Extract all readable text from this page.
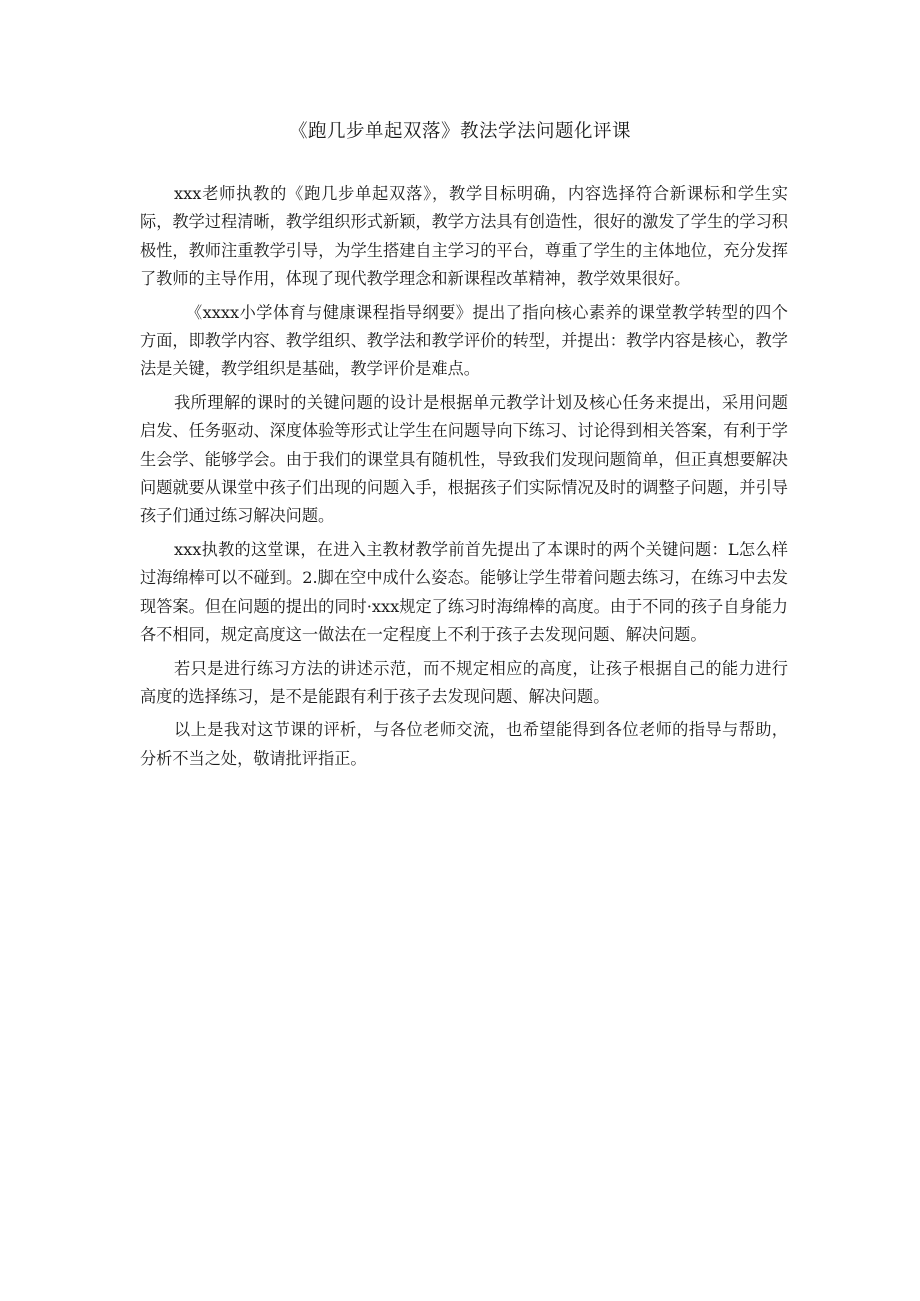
《跑几步单起双落》教法学法问题化评课

xxx老师执教的《跑几步单起双落》，教学目标明确，内容选择符合新课标和学生实际，教学过程清晰，教学组织形式新颖，教学方法具有创造性，很好的激发了学生的学习积极性，教师注重教学引导，为学生搭建自主学习的平台，尊重了学生的主体地位，充分发挥了教师的主导作用，体现了现代教学理念和新课程改革精神，教学效果很好。

《xxxx小学体育与健康课程指导纲要》提出了指向核心素养的课堂教学转型的四个方面，即教学内容、教学组织、教学法和教学评价的转型，并提出：教学内容是核心，教学法是关键，教学组织是基础，教学评价是难点。

我所理解的课时的关键问题的设计是根据单元教学计划及核心任务来提出，采用问题启发、任务驱动、深度体验等形式让学生在问题导向下练习、讨论得到相关答案，有利于学生会学、能够学会。由于我们的课堂具有随机性，导致我们发现问题简单，但正真想要解决问题就要从课堂中孩子们出现的问题入手，根据孩子们实际情况及时的调整子问题，并引导孩子们通过练习解决问题。

xxx执教的这堂课，在进入主教材教学前首先提出了本课时的两个关键问题：L怎么样过海绵棒可以不碰到。2.脚在空中成什么姿态。能够让学生带着问题去练习，在练习中去发现答案。但在问题的提出的同时·xxx规定了练习时海绵棒的高度。由于不同的孩子自身能力各不相同，规定高度这一做法在一定程度上不利于孩子去发现问题、解决问题。

若只是进行练习方法的讲述示范，而不规定相应的高度，让孩子根据自己的能力进行高度的选择练习，是不是能跟有利于孩子去发现问题、解决问题。

以上是我对这节课的评析，与各位老师交流，也希望能得到各位老师的指导与帮助，分析不当之处，敬请批评指正。
